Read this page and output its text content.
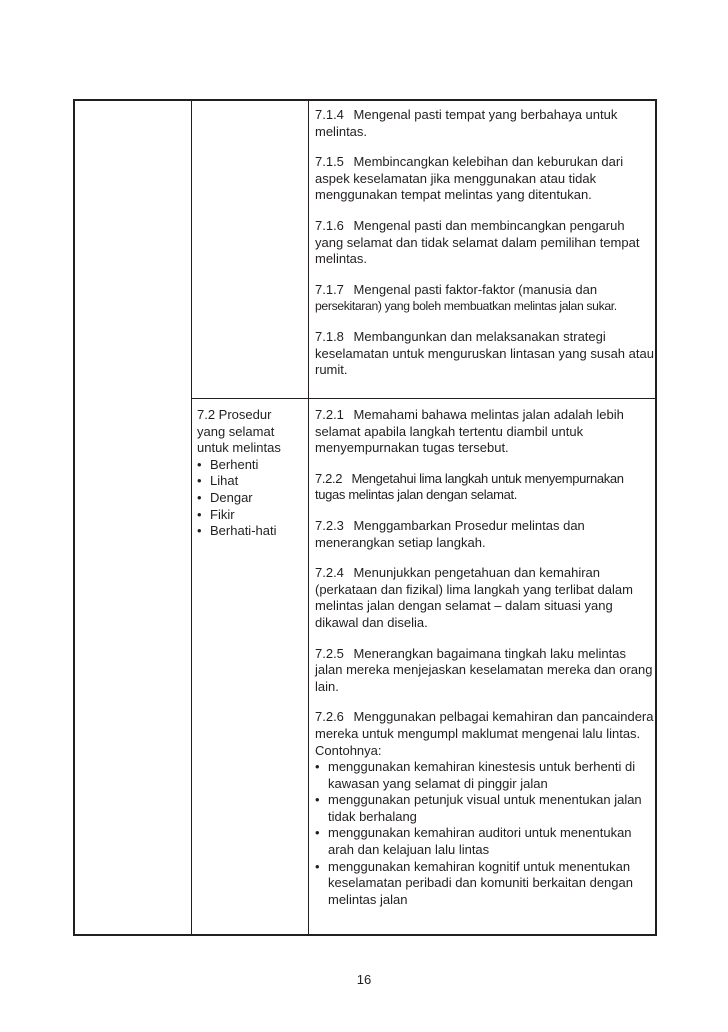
7.1.4 Mengenal pasti tempat yang berbahaya untuk melintas.

7.1.5 Membincangkan kelebihan dan keburukan dari aspek keselamatan jika menggunakan atau tidak menggunakan tempat melintas yang ditentukan.

7.1.6 Mengenal pasti dan membincangkan pengaruh yang selamat dan tidak selamat dalam pemilihan tempat melintas.

7.1.7 Mengenal pasti faktor-faktor (manusia dan
persekitaran) yang boleh membuatkan melintas jalan sukar.

7.1.8 Membangunkan dan melaksanakan strategi keselamatan untuk menguruskan lintasan yang susah atau rumit.

7.2 Prosedur
yang selamat
untuk melintas
• Berhenti
• Lihat
• Dengar
• Fikir
• Berhati-hati

7.2.1 Memahami bahawa melintas jalan adalah lebih selamat apabila langkah tertentu diambil untuk menyempurnakan tugas tersebut.

7.2.2 Mengetahui lima langkah untuk menyempurnakan tugas melintas jalan dengan selamat.

7.2.3 Menggambarkan Prosedur melintas dan menerangkan setiap langkah.

7.2.4 Menunjukkan pengetahuan dan kemahiran (perkataan dan fizikal) lima langkah yang terlibat dalam melintas jalan dengan selamat – dalam situasi yang dikawal dan diselia.

7.2.5 Menerangkan bagaimana tingkah laku melintas jalan mereka menjejaskan keselamatan mereka dan orang lain.

7.2.6 Menggunakan pelbagai kemahiran dan pancaindera mereka untuk mengumpl maklumat mengenai lalu lintas. Contohnya:
• menggunakan kemahiran kinestesis untuk berhenti di kawasan yang selamat di pinggir jalan
• menggunakan petunjuk visual untuk menentukan jalan tidak berhalang
• menggunakan kemahiran auditori untuk menentukan arah dan kelajuan lalu lintas
• menggunakan kemahiran kognitif untuk menentukan keselamatan peribadi dan komuniti berkaitan dengan melintas jalan
16
